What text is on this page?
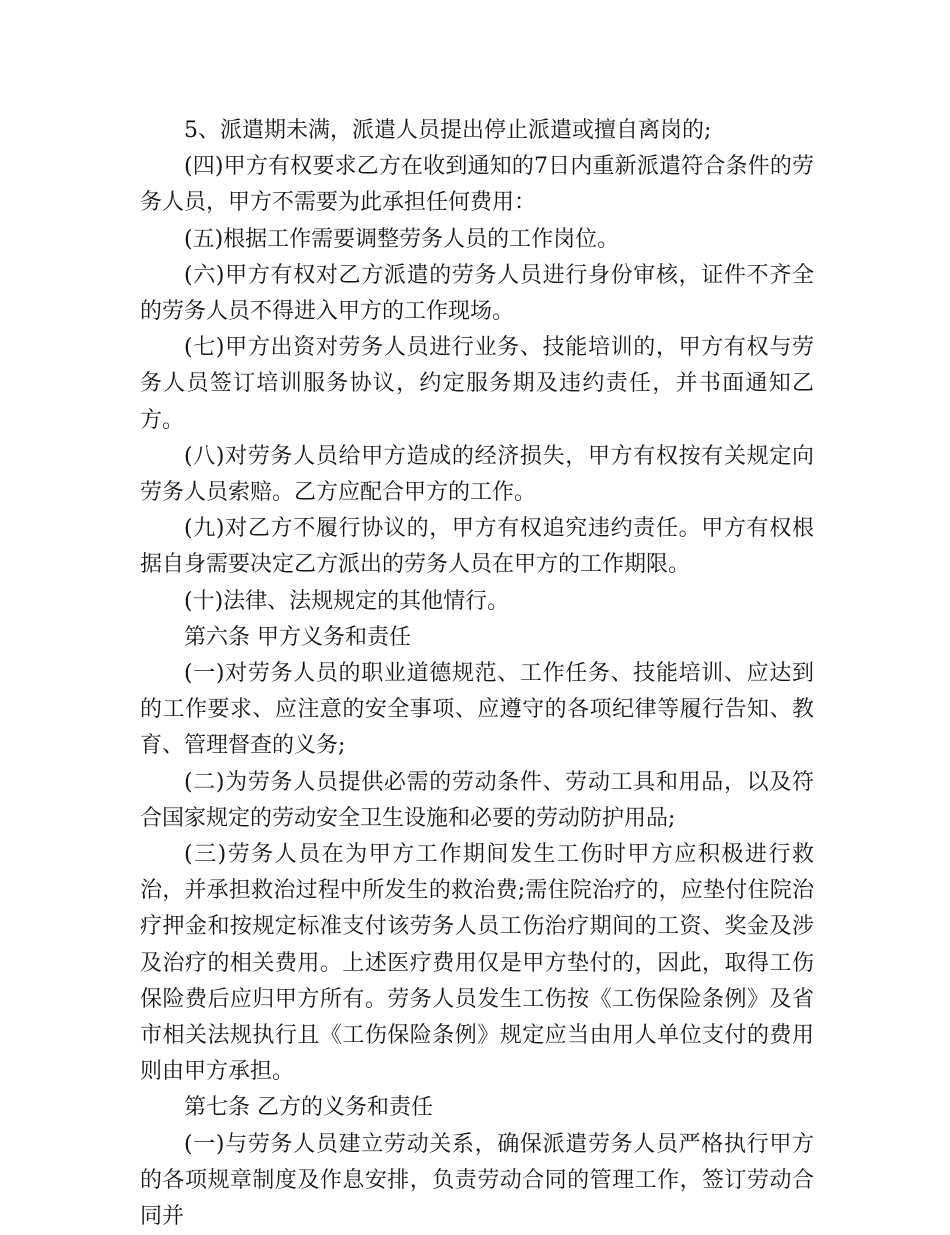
5、派遣期未满，派遣人员提出停止派遣或擅自离岗的;

(四)甲方有权要求乙方在收到通知的7日内重新派遣符合条件的劳务人员，甲方不需要为此承担任何费用：

(五)根据工作需要调整劳务人员的工作岗位。

(六)甲方有权对乙方派遣的劳务人员进行身份审核，证件不齐全的劳务人员不得进入甲方的工作现场。

(七)甲方出资对劳务人员进行业务、技能培训的，甲方有权与劳务人员签订培训服务协议，约定服务期及违约责任，并书面通知乙方。

(八)对劳务人员给甲方造成的经济损失，甲方有权按有关规定向劳务人员索赔。乙方应配合甲方的工作。

(九)对乙方不履行协议的，甲方有权追究违约责任。甲方有权根据自身需要决定乙方派出的劳务人员在甲方的工作期限。

(十)法律、法规规定的其他情行。

第六条 甲方义务和责任

(一)对劳务人员的职业道德规范、工作任务、技能培训、应达到的工作要求、应注意的安全事项、应遵守的各项纪律等履行告知、教育、管理督查的义务;

(二)为劳务人员提供必需的劳动条件、劳动工具和用品，以及符合国家规定的劳动安全卫生设施和必要的劳动防护用品;

(三)劳务人员在为甲方工作期间发生工伤时甲方应积极进行救治，并承担救治过程中所发生的救治费;需住院治疗的，应垫付住院治疗押金和按规定标准支付该劳务人员工伤治疗期间的工资、奖金及涉及治疗的相关费用。上述医疗费用仅是甲方垫付的，因此，取得工伤保险费后应归甲方所有。劳务人员发生工伤按《工伤保险条例》及省市相关法规执行且《工伤保险条例》规定应当由用人单位支付的费用则由甲方承担。

第七条 乙方的义务和责任

(一)与劳务人员建立劳动关系，确保派遣劳务人员严格执行甲方的各项规章制度及作息安排，负责劳动合同的管理工作，签订劳动合同并
